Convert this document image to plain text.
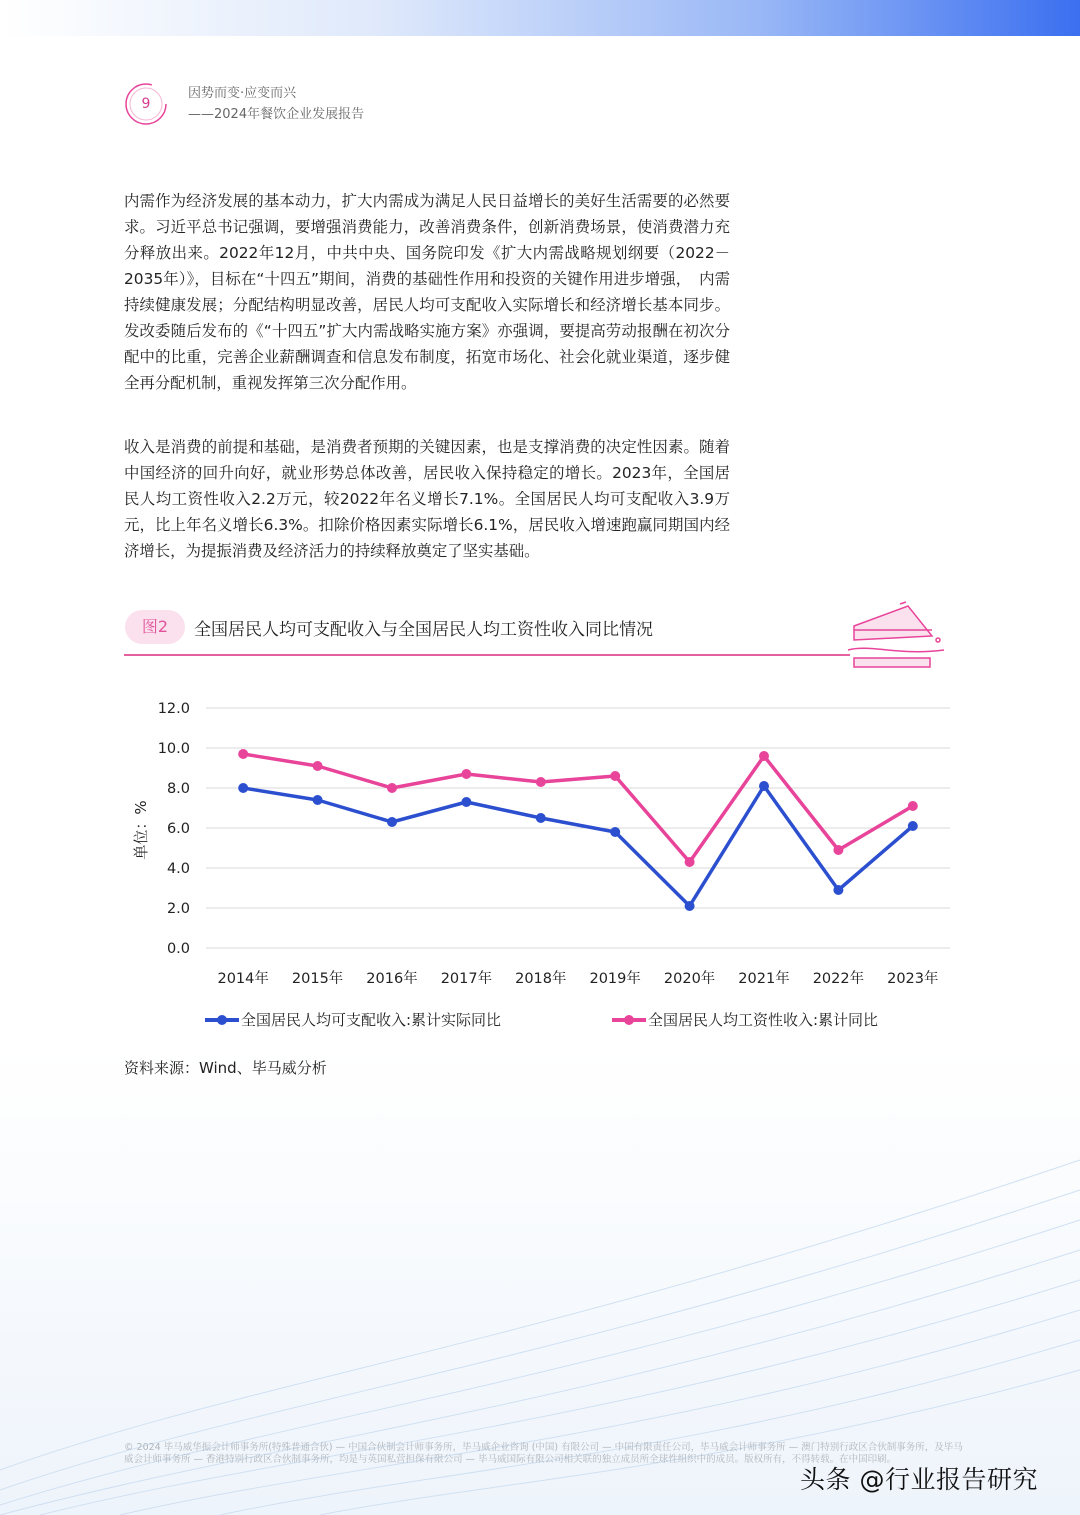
9
因势而变·应变而兴
——2024年餐饮企业发展报告

内需作为经济发展的基本动力，扩大内需成为满足人民日益增长的美好生活需要的必然要求。习近平总书记强调，要增强消费能力，改善消费条件，创新消费场景，使消费潜力充分释放出来。2022年12月，中共中央、国务院印发《扩大内需战略规划纲要（2022－2035年）》，目标在“十四五”期间，消费的基础性作用和投资的关键作用进步增强，　内需持续健康发展；分配结构明显改善，居民人均可支配收入实际增长和经济增长基本同步。发改委随后发布的《“十四五”扩大内需战略实施方案》亦强调，要提高劳动报酬在初次分配中的比重，完善企业薪酬调查和信息发布制度，拓宽市场化、社会化就业渠道，逐步健全再分配机制，重视发挥第三次分配作用。

收入是消费的前提和基础，是消费者预期的关键因素，也是支撑消费的决定性因素。随着中国经济的回升向好，就业形势总体改善，居民收入保持稳定的增长。2023年，全国居民人均工资性收入2.2万元，较2022年名义增长7.1%。全国居民人均可支配收入3.9万元，比上年名义增长6.3%。扣除价格因素实际增长6.1%，居民收入增速跑赢同期国内经济增长，为提振消费及经济活力的持续释放奠定了坚实基础。

图2	全国居民人均可支配收入与全国居民人均工资性收入同比情况
0.0
2.0
4.0
6.0
8.0
10.0
12.0
2014年 2015年 2016年 2017年 2018年 2019年 2020年 2021年 2022年 2023年
单位：%
全国居民人均可支配收入:累计实际同比	全国居民人均工资性收入:累计同比
资料来源：Wind、毕马威分析
© 2024 毕马威华振会计师事务所(特殊普通合伙) — 中国合伙制会计师事务所，毕马威企业咨询 (中国) 有限公司 — 中国有限责任公司，毕马威会计师事务所 — 澳门特别行政区合伙制事务所，及毕马威会计师事务所 — 香港特别行政区合伙制事务所，均是与英国私营担保有限公司 — 毕马威国际有限公司相关联的独立成员所全球性组织中的成员。版权所有，不得转载。在中国印刷。
头条 @行业报告研究
